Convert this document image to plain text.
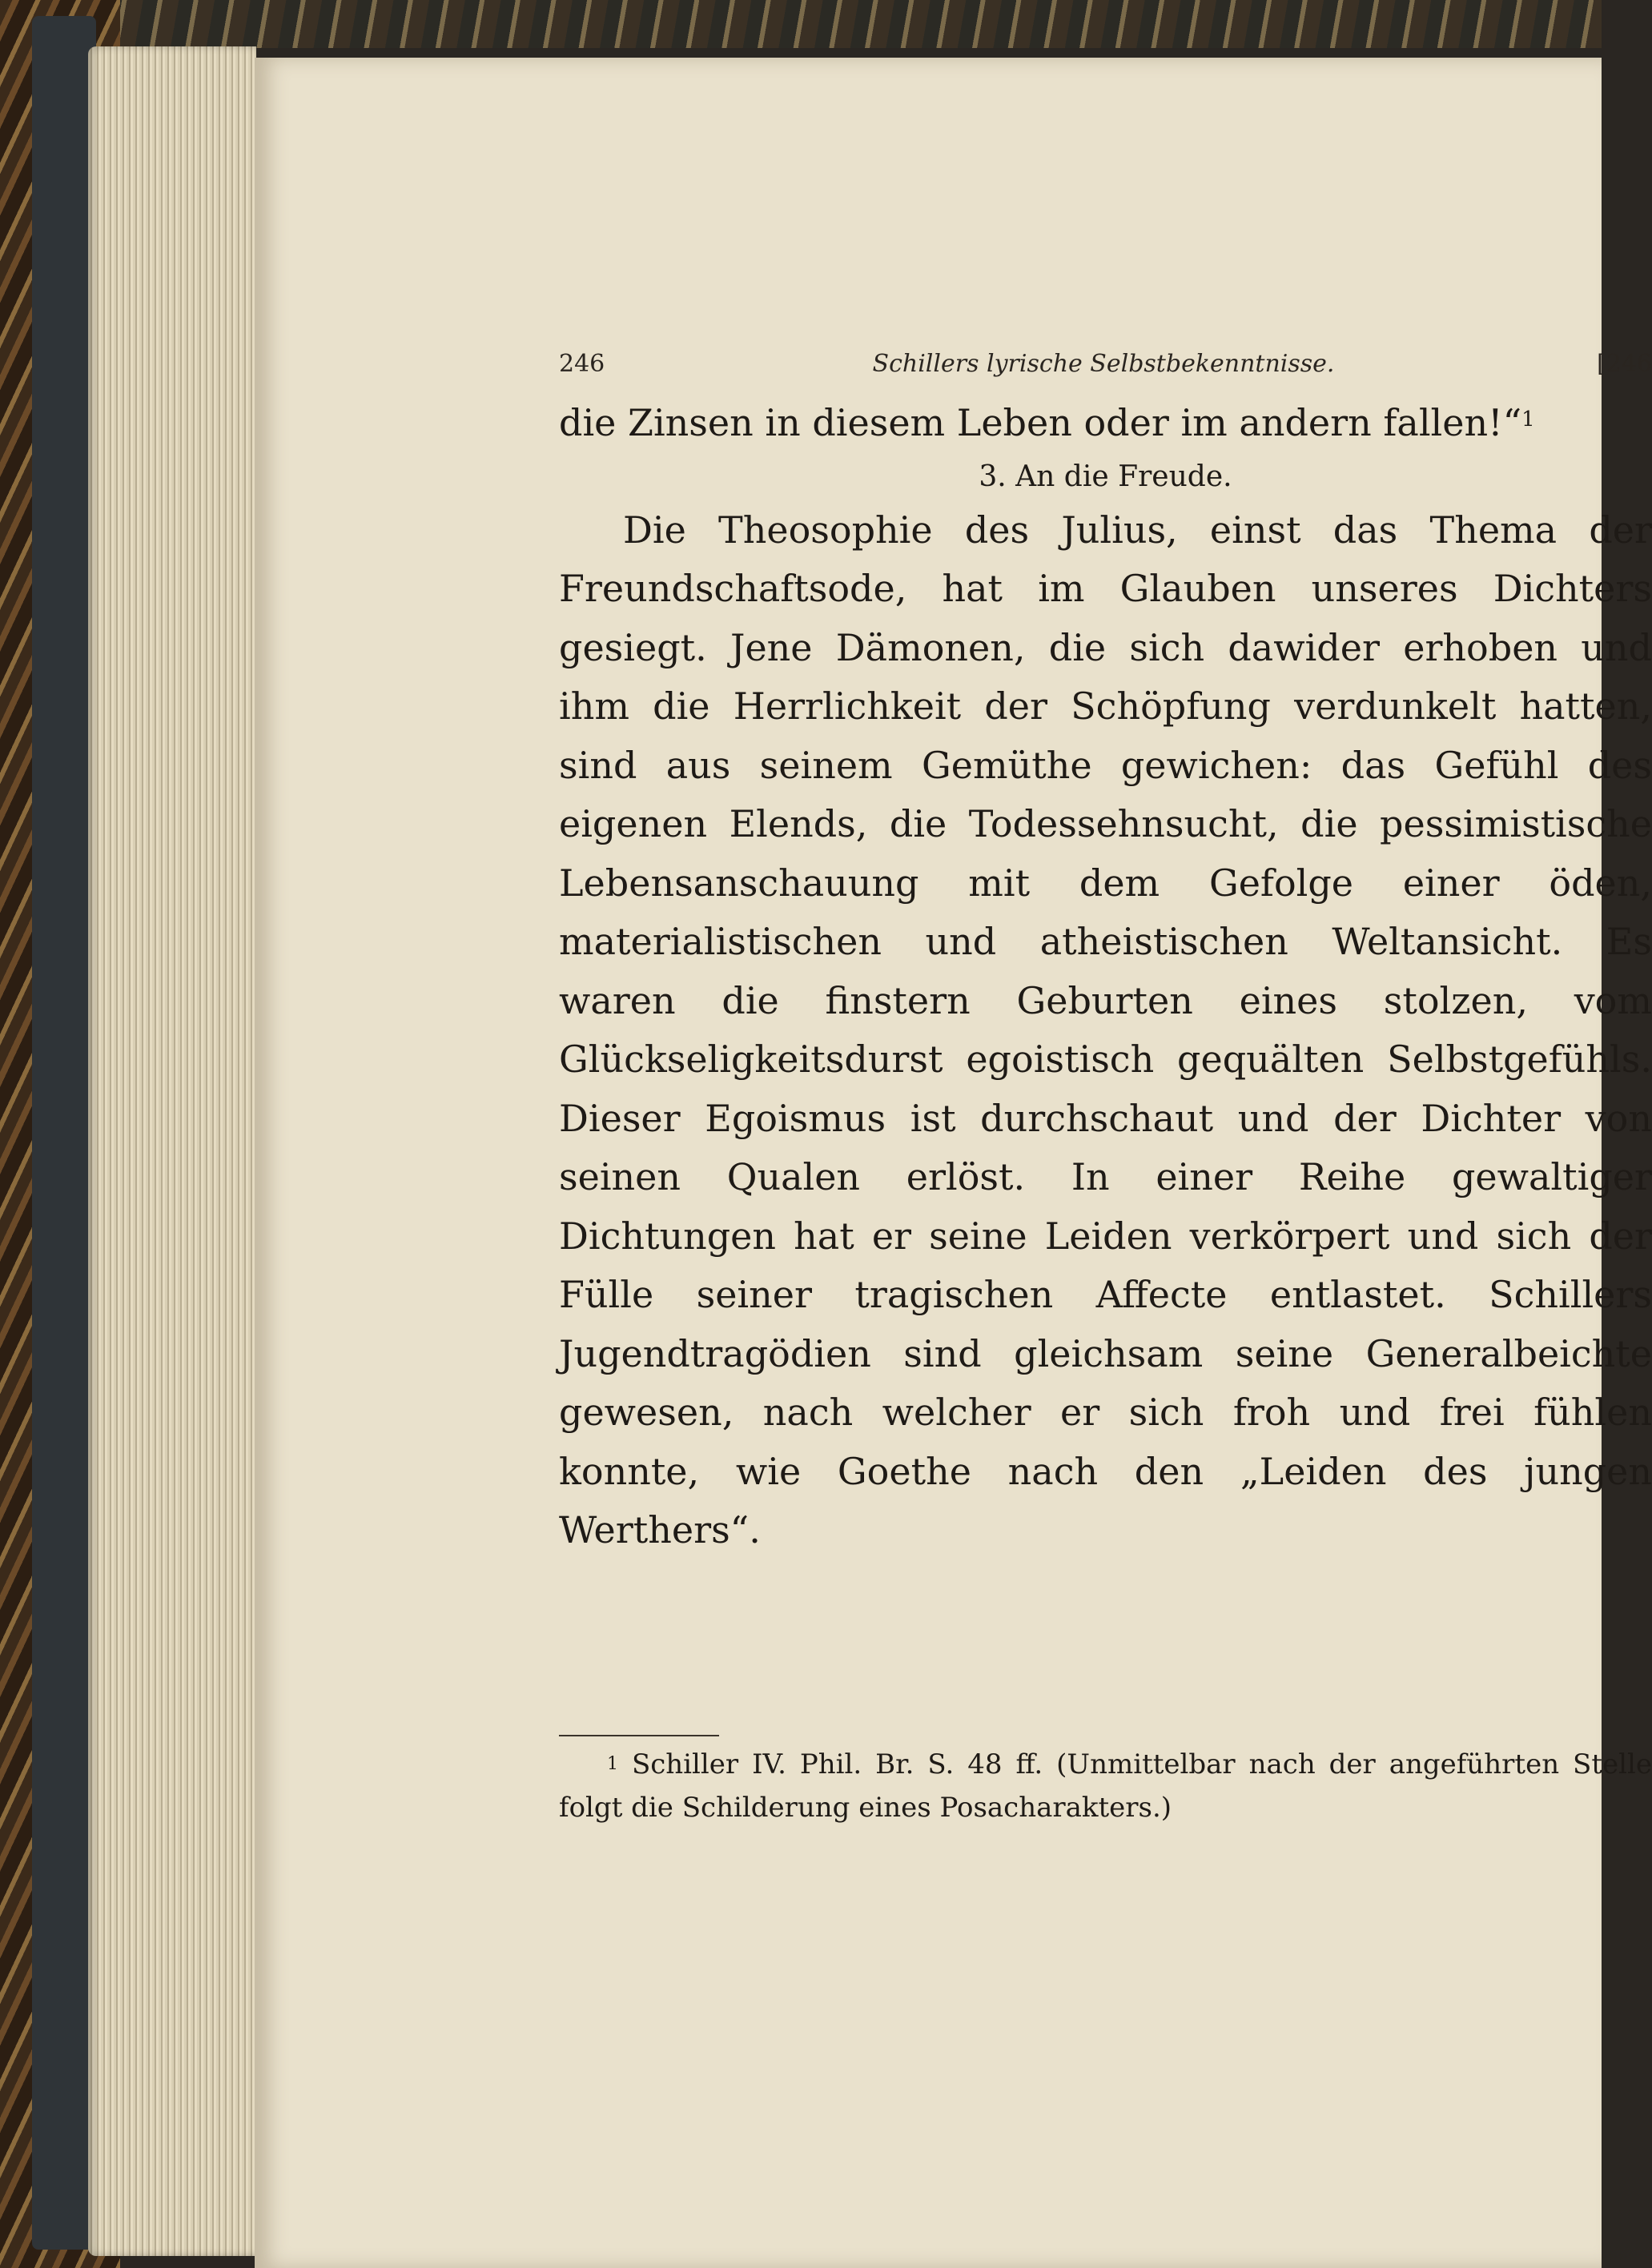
246	Schillers lyrische Selbstbekenntnisse.	[246

die Zinsen in diesem Leben oder im andern fallen!“$^1$

3. An die Freude.

Die Theosophie des Julius, einst das Thema der Freundschaftsode, hat im Glauben unseres Dichters gesiegt. Jene Dämonen, die sich dawider erhoben und ihm die Herrlichkeit der Schöpfung verdunkelt hatten, sind aus seinem Gemüthe gewichen: das Gefühl des eigenen Elends, die Todessehnsucht, die pessimistische Lebensanschauung mit dem Gefolge einer öden, materialistischen und atheistischen Weltansicht. Es waren die finstern Geburten eines stolzen, vom Glückseligkeitsdurst egoistisch gequälten Selbstgefühls. Dieser Egoismus ist durchschaut und der Dichter von seinen Qualen erlöst. In einer Reihe gewaltiger Dichtungen hat er seine Leiden verkörpert und sich der Fülle seiner tragischen Affecte entlastet. Schillers Jugendtragödien sind gleichsam seine Generalbeichte gewesen, nach welcher er sich froh und frei fühlen konnte, wie Goethe nach den „Leiden des jungen Werthers“.

$^1$ Schiller IV. Phil. Br. S. 48 ff. (Unmittelbar nach der angeführten Stelle folgt die Schilderung eines Posacharakters.)
